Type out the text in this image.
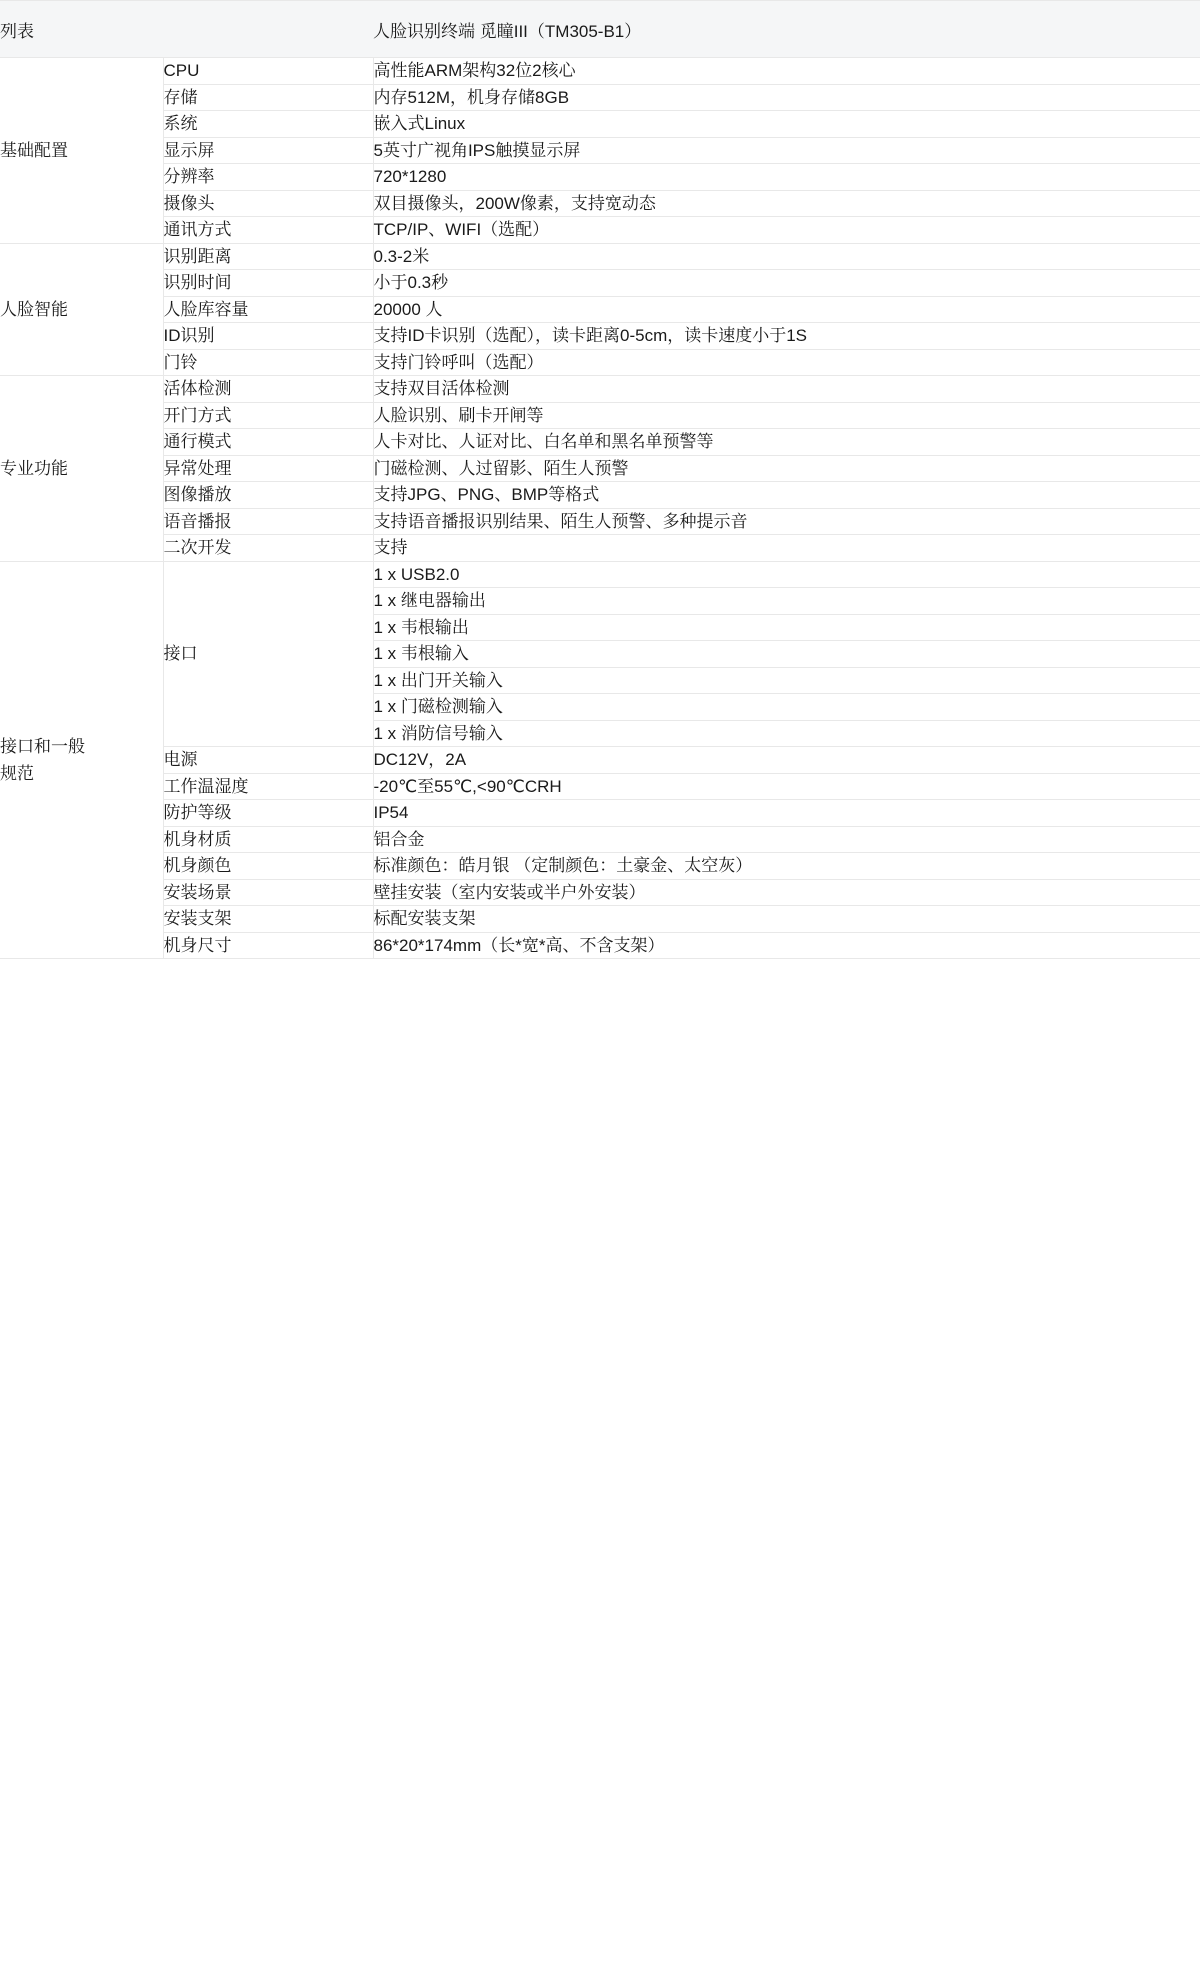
列表		人脸识别终端 觅瞳III（TM305-B1）
基础配置	CPU	高性能ARM架构32位2核心
	存储	内存512M，机身存储8GB
	系统	嵌入式Linux
	显示屏	5英寸广视角IPS触摸显示屏
	分辨率	720*1280
	摄像头	双目摄像头，200W像素，支持宽动态
	通讯方式	TCP/IP、WIFI（选配）
人脸智能	识别距离	0.3-2米
	识别时间	小于0.3秒
	人脸库容量	20000 人
	ID识别	支持ID卡识别（选配），读卡距离0-5cm，读卡速度小于1S
	门铃	支持门铃呼叫（选配）
专业功能	活体检测	支持双目活体检测
	开门方式	人脸识别、刷卡开闸等
	通行模式	人卡对比、人证对比、白名单和黑名单预警等
	异常处理	门磁检测、人过留影、陌生人预警
	图像播放	支持JPG、PNG、BMP等格式
	语音播报	支持语音播报识别结果、陌生人预警、多种提示音
	二次开发	支持

接口和一般
规范	接口	1 x USB2.0
		1 x 继电器输出
		1 x 韦根输出
		1 x 韦根输入
		1 x 出门开关输入
		1 x 门磁检测输入
		1 x 消防信号输入
	电源	DC12V，2A
	工作温湿度	-20℃至55℃,<90℃CRH
	防护等级	IP54
	机身材质	铝合金
	机身颜色	标准颜色：皓月银 （定制颜色：土豪金、太空灰）
	安装场景	壁挂安装（室内安装或半户外安装）
	安装支架	标配安装支架
	机身尺寸	86*20*174mm（长*宽*高、不含支架）
